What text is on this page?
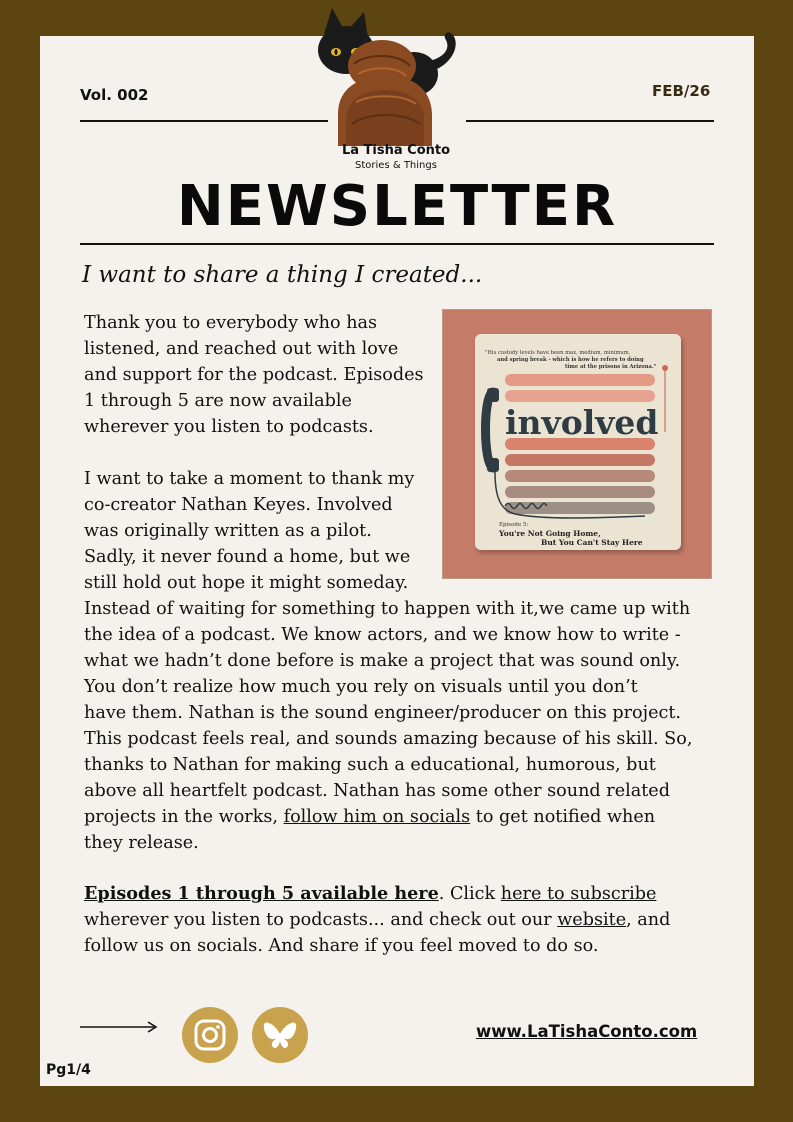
Vol. 002	FEB/26
La Tisha Conto
Stories & Things
NEWSLETTER
I want to share a thing I created...
Thank you to everybody who has
listened, and reached out with love
and support for the podcast. Episodes
1 through 5 are now available
wherever you listen to podcasts.
I want to take a moment to thank my
co-creator Nathan Keyes. Involved
was originally written as a pilot.
Sadly, it never found a home, but we
still hold out hope it might someday.
Instead of waiting for something to happen with it,we came up with
the idea of a podcast. We know actors, and we know how to write -
what we hadn’t done before is make a project that was sound only.
You don’t realize how much you rely on visuals until you don’t
have them. Nathan is the sound engineer/producer on this project.
This podcast feels real, and sounds amazing because of his skill. So,
thanks to Nathan for making such a educational, humorous, but
above all heartfelt podcast. Nathan has some other sound related
projects in the works, follow him on socials to get notified when
they release.
Episodes 1 through 5 available here. Click here to subscribe
wherever you listen to podcasts... and check out our website, and
follow us on socials. And share if you feel moved to do so.
"His custody levels have been max, medium, minimum,
and spring break - which is how he refers to doing
time at the prisons in Arizona."
involved
Episode 5:
You're Not Going Home,
But You Can't Stay Here
www.LaTishaConto.com
Pg1/4
